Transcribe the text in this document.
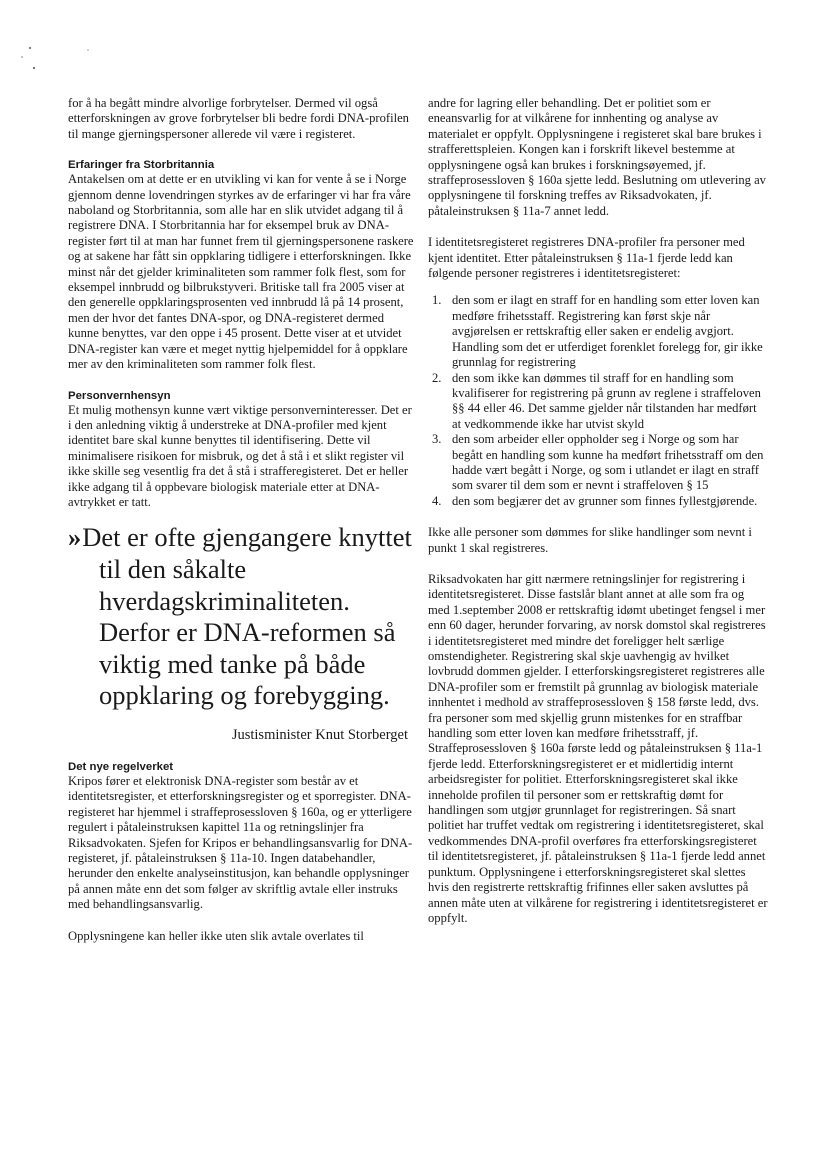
for å ha begått mindre alvorlige forbrytelser. Dermed vil også etterforskningen av grove forbrytelser bli bedre fordi DNA-profilen til mange gjerningspersoner allerede vil være i registeret.

Erfaringer fra Storbritannia

Antakelsen om at dette er en utvikling vi kan for vente å se i Norge gjennom denne lovendringen styrkes av de erfaringer vi har fra våre naboland og Storbritannia, som alle har en slik utvidet adgang til å registrere DNA. I Storbritannia har for eksempel bruk av DNA-register ført til at man har funnet frem til gjerningspersonene raskere og at sakene har fått sin oppklaring tidligere i etterforskningen. Ikke minst når det gjelder kriminaliteten som rammer folk flest, som for eksempel innbrudd og bilbrukstyveri. Britiske tall fra 2005 viser at den generelle oppklaringsprosenten ved innbrudd lå på 14 prosent, men der hvor det fantes DNA-spor, og DNA-registeret dermed kunne benyttes, var den oppe i 45 prosent. Dette viser at et utvidet DNA-register kan være et meget nyttig hjelpemiddel for å oppklare mer av den kriminaliteten som rammer folk flest.

Personvernhensyn

Et mulig mothensyn kunne vært viktige personverninteresser. Det er i den anledning viktig å understreke at DNA-profiler med kjent identitet bare skal kunne benyttes til identifisering. Dette vil minimalisere risikoen for misbruk, og det å stå i et slikt register vil ikke skille seg vesentlig fra det å stå i strafferegisteret. Det er heller ikke adgang til å oppbevare biologisk materiale etter at DNA-avtrykket er tatt.

» Det er ofte gjengangere knyttet til den såkalte hverdagskriminaliteten. Derfor er DNA-reformen så viktig med tanke på både oppklaring og forebygging.

Justisminister Knut Storberget
Det nye regelverket

Kripos fører et elektronisk DNA-register som består av et identitetsregister, et etterforskningsregister og et sporregister. DNA-registeret har hjemmel i straffeprosessloven § 160a, og er ytterligere regulert i påtaleinstruksen kapittel 11a og retningslinjer fra Riksadvokaten. Sjefen for Kripos er behandlingsansvarlig for DNA-registeret, jf. påtaleinstruksen § 11a-10. Ingen databehandler, herunder den enkelte analyseinstitusjon, kan behandle opplysninger på annen måte enn det som følger av skriftlig avtale eller instruks med behandlingsansvarlig.

Opplysningene kan heller ikke uten slik avtale overlates til

andre for lagring eller behandling. Det er politiet som er eneansvarlig for at vilkårene for innhenting og analyse av materialet er oppfylt. Opplysningene i registeret skal bare brukes i strafferettspleien. Kongen kan i forskrift likevel bestemme at opplysningene også kan brukes i forskningsøyemed, jf. straffeprosessloven § 160a sjette ledd. Beslutning om utlevering av opplysningene til forskning treffes av Riksadvokaten, jf. påtaleinstruksen § 11a-7 annet ledd.

I identitetsregisteret registreres DNA-profiler fra personer med kjent identitet. Etter påtaleinstruksen § 11a-1 fjerde ledd kan følgende personer registreres i identitetsregisteret:

1. den som er ilagt en straff for en handling som etter loven kan medføre frihetsstaff. Registrering kan først skje når avgjørelsen er rettskraftig eller saken er endelig avgjort. Handling som det er utferdiget forenklet forelegg for, gir ikke grunnlag for registrering
2. den som ikke kan dømmes til straff for en handling som kvalifiserer for registrering på grunn av reglene i straffeloven §§ 44 eller 46. Det samme gjelder når tilstanden har medført at vedkommende ikke har utvist skyld
3. den som arbeider eller oppholder seg i Norge og som har begått en handling som kunne ha medført frihetsstraff om den hadde vært begått i Norge, og som i utlandet er ilagt en straff som svarer til dem som er nevnt i straffeloven § 15
4. den som begjærer det av grunner som finnes fyllestgjørende.

Ikke alle personer som dømmes for slike handlinger som nevnt i punkt 1 skal registreres.

Riksadvokaten har gitt nærmere retningslinjer for registrering i identitetsregisteret. Disse fastslår blant annet at alle som fra og med 1.september 2008 er rettskraftig idømt ubetinget fengsel i mer enn 60 dager, herunder forvaring, av norsk domstol skal registreres i identitetsregisteret med mindre det foreligger helt særlige omstendigheter. Registrering skal skje uavhengig av hvilket lovbrudd dommen gjelder. I etterforskingsregisteret registreres alle DNA-profiler som er fremstilt på grunnlag av biologisk materiale innhentet i medhold av straffeprosessloven § 158 første ledd, dvs. fra personer som med skjellig grunn mistenkes for en straffbar handling som etter loven kan medføre frihetsstraff, jf. Straffeprosessloven § 160a første ledd og påtaleinstruksen § 11a-1 fjerde ledd. Etterforskningsregisteret er et midlertidig internt arbeidsregister for politiet. Etterforskningsregisteret skal ikke inneholde profilen til personer som er rettskraftig dømt for handlingen som utgjør grunnlaget for registreringen. Så snart politiet har truffet vedtak om registrering i identitetsregisteret, skal vedkommendes DNA-profil overføres fra etterforskingsregisteret til identitetsregisteret, jf. påtaleinstruksen § 11a-1 fjerde ledd annet punktum. Opplysningene i etterforskningsregisteret skal slettes hvis den registrerte rettskraftig frifinnes eller saken avsluttes på annen måte uten at vilkårene for registrering i identitetsregisteret er oppfylt.
